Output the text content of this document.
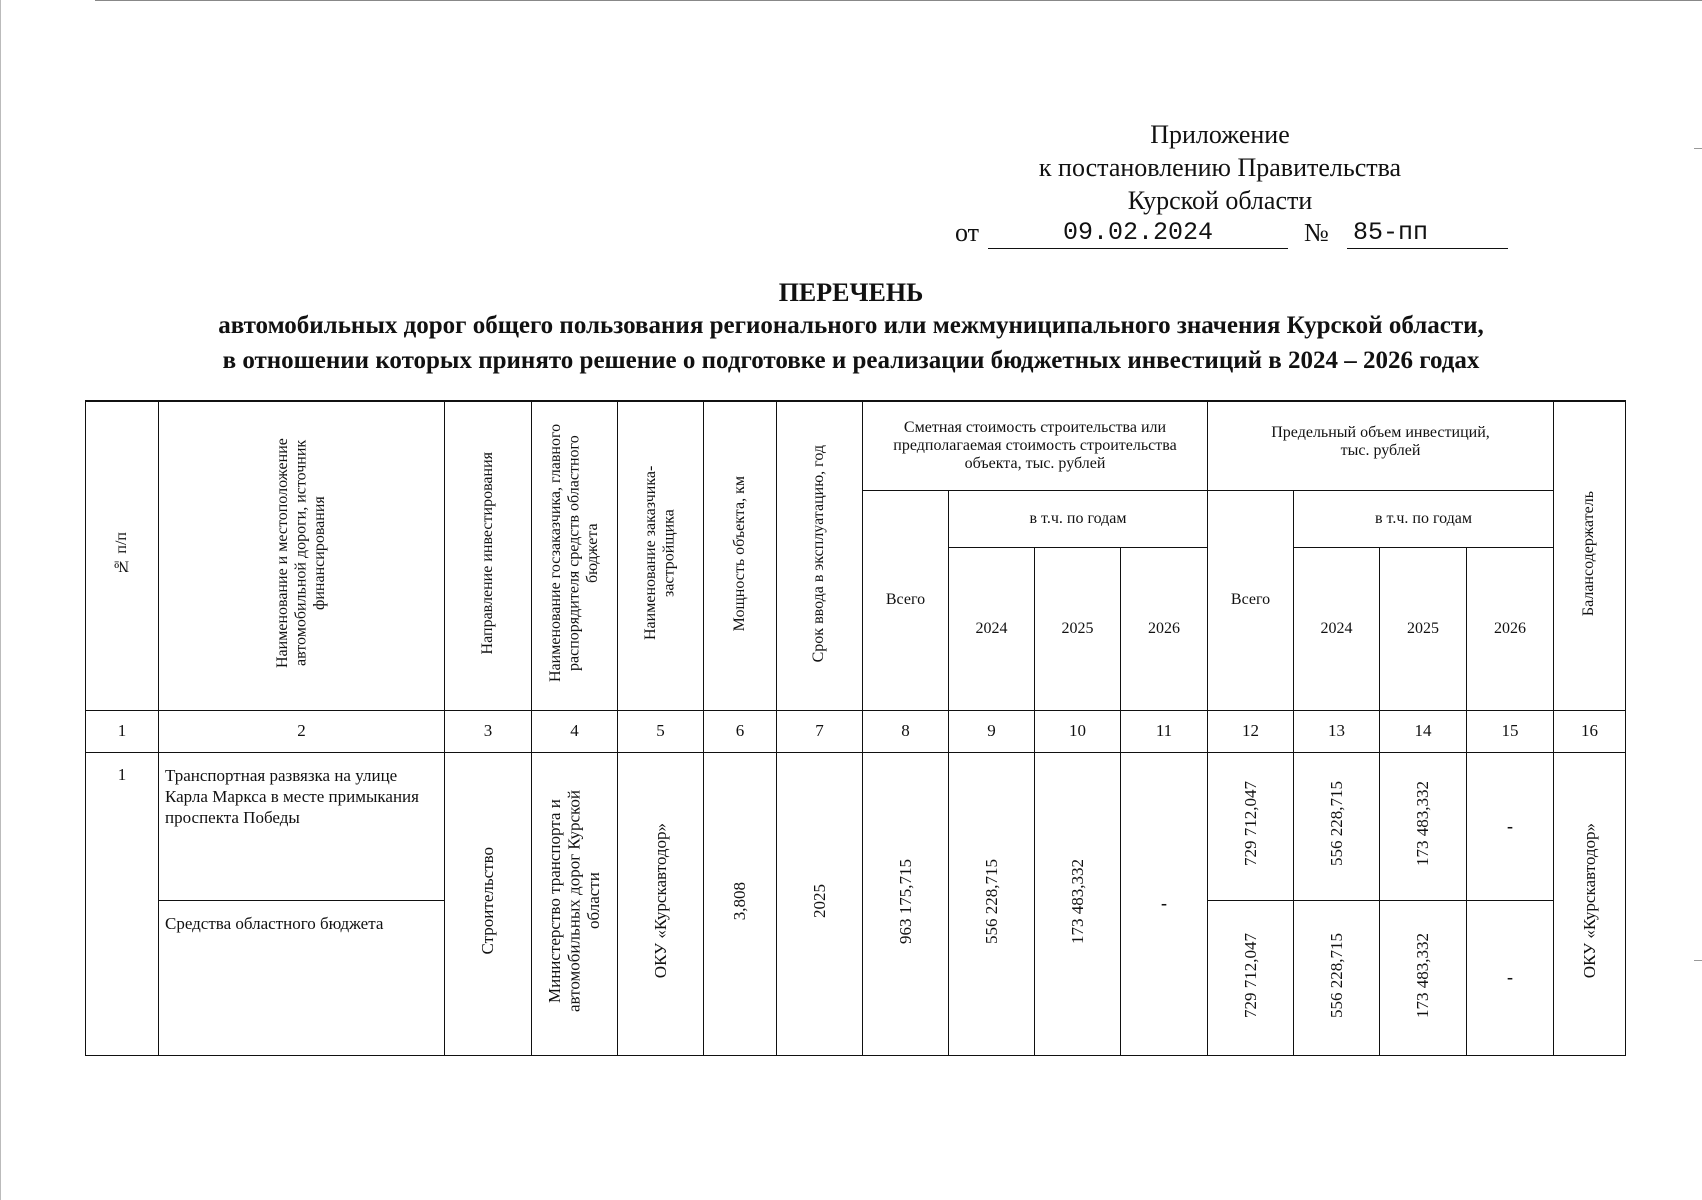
Приложение
к постановлению Правительства
Курской области
от	09.02.2024	№ 85-пп
ПЕРЕЧЕНЬ
автомобильных дорог общего пользования регионального или межмуниципального значения Курской области,
в отношении которых принято решение о подготовке и реализации бюджетных инвестиций в 2024 – 2026 годах
№ п/п	Наименование и местоположение автомобильной дороги, источник финансирования	Направление инвестирования	Наименование госзаказчика, главного распорядителя средств областного бюджета	Наименование заказчика-застройщика	Мощность объекта, км	Срок ввода в эксплуатацию, год	Сметная стоимость строительства или предполагаемая стоимость строительства объекта, тыс. рублей				Предельный объем инвестиций, тыс. рублей				Балансодержатель
							Всего	в т.ч. по годам			Всего	в т.ч. по годам			
								2024	2025	2026		2024	2025	2026	
1	2	3	4	5	6	7	8	9	10	11	12	13	14	15	16
1	Транспортная развязка на улице Карла Маркса в месте примыкания проспекта Победы	Строительство	Министерство транспорта и автомобильных дорог Курской области	ОКУ «Курскавтодор»	3,808	2025	963 175,715	556 228,715	173 483,332	-	729 712,047	556 228,715	173 483,332	-	ОКУ «Курскавтодор»
	Средства областного бюджета										729 712,047	556 228,715	173 483,332	-	
